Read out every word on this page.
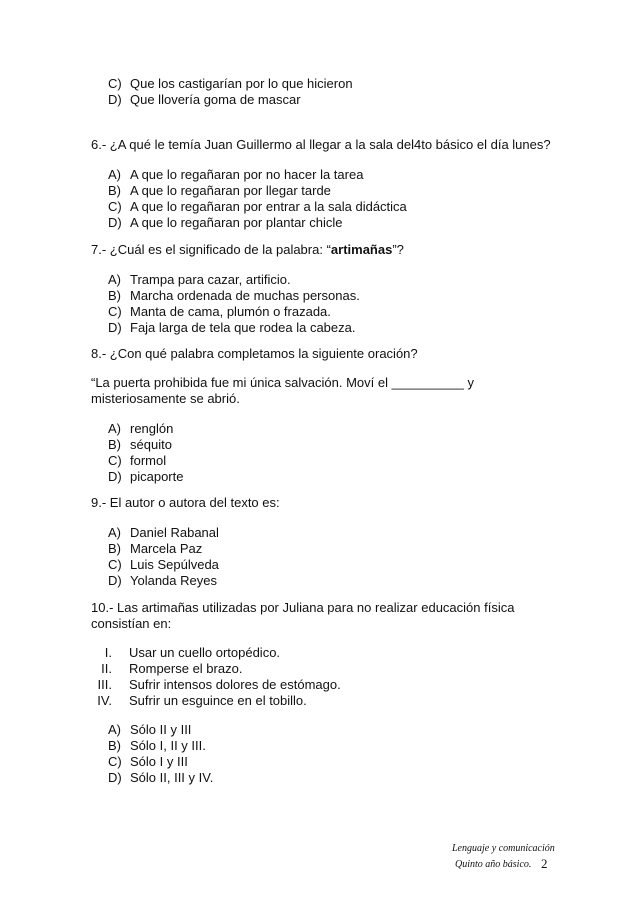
C) Que los castigarían por lo que hicieron
D) Que llovería goma de mascar
6.- ¿A qué le temía Juan Guillermo al llegar a la sala del4to básico el día lunes?
A) A que lo regañaran por no hacer la tarea
B) A que lo regañaran por llegar tarde
C) A que lo regañaran por entrar a la sala didáctica
D) A que lo regañaran por plantar chicle
7.- ¿Cuál es el significado de la palabra: “artimañas”?
A) Trampa para cazar, artificio.
B) Marcha ordenada de muchas personas.
C) Manta de cama, plumón o frazada.
D) Faja larga de tela que rodea la cabeza.
8.- ¿Con qué palabra completamos la siguiente oración?
“La puerta prohibida fue mi única salvación. Moví el __________ y
misteriosamente se abrió.
A) renglón
B) séquito
C) formol
D) picaporte
9.- El autor o autora del texto es:
A) Daniel Rabanal
B) Marcela Paz
C) Luis Sepúlveda
D) Yolanda Reyes
10.- Las artimañas utilizadas por Juliana para no realizar educación física
consistían en:
I. Usar un cuello ortopédico.
II. Romperse el brazo.
III. Sufrir intensos dolores de estómago.
IV. Sufrir un esguince en el tobillo.
A) Sólo II y III
B) Sólo I, II y III.
C) Sólo I y III
D) Sólo II, III y IV.
Lenguaje y comunicación
Quinto año básico. 2
